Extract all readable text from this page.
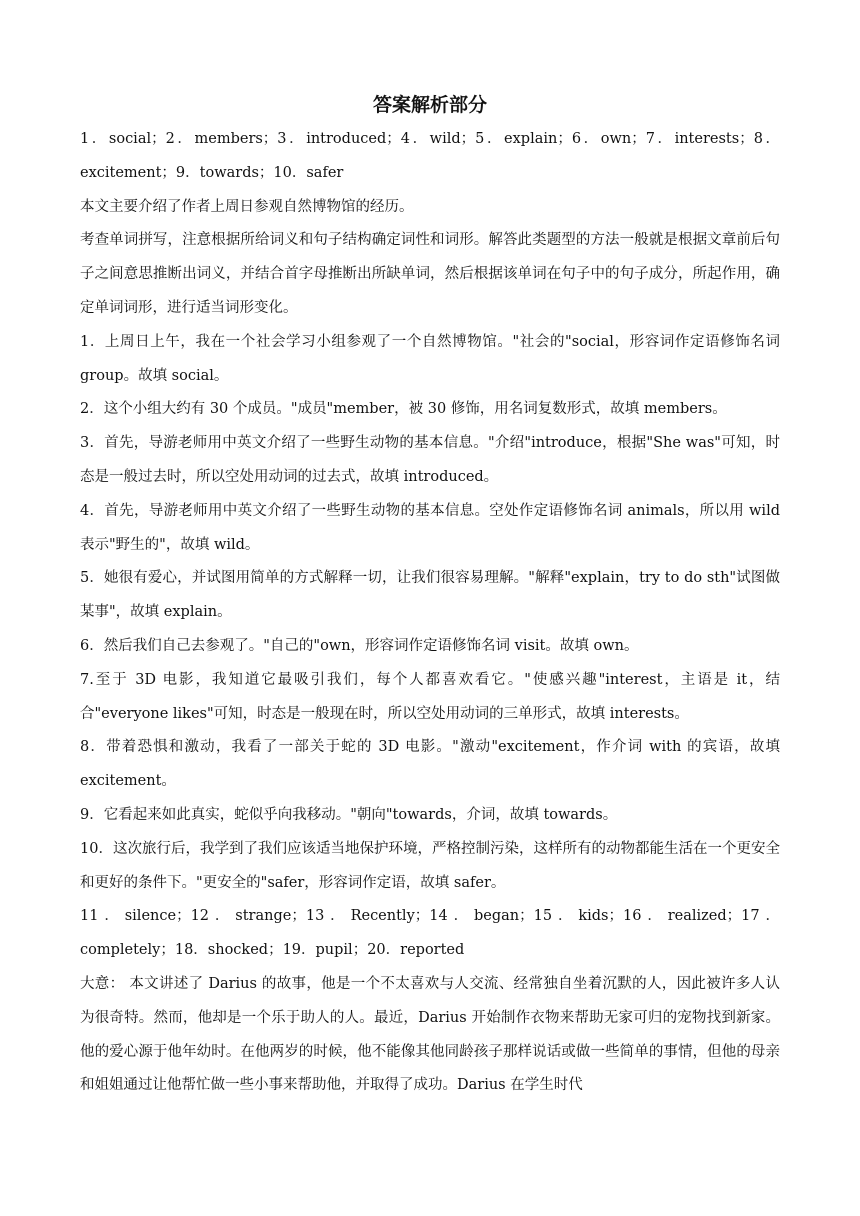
答案解析部分

1．social；2．members；3．introduced；4．wild；5．explain；6．own；7．interests；8．excitement；9．towards；10．safer

本文主要介绍了作者上周日参观自然博物馆的经历。

考查单词拼写，注意根据所给词义和句子结构确定词性和词形。解答此类题型的方法一般就是根据文章前后句子之间意思推断出词义，并结合首字母推断出所缺单词，然后根据该单词在句子中的句子成分，所起作用，确定单词词形，进行适当词形变化。

1．上周日上午，我在一个社会学习小组参观了一个自然博物馆。"社会的"social，形容词作定语修饰名词 group。故填 social。

2．这个小组大约有 30 个成员。"成员"member，被 30 修饰，用名词复数形式，故填 members。

3．首先，导游老师用中英文介绍了一些野生动物的基本信息。"介绍"introduce，根据"She was"可知，时态是一般过去时，所以空处用动词的过去式，故填 introduced。

4．首先，导游老师用中英文介绍了一些野生动物的基本信息。空处作定语修饰名词 animals，所以用 wild 表示"野生的"，故填 wild。

5．她很有爱心，并试图用简单的方式解释一切，让我们很容易理解。"解释"explain，try to do sth"试图做某事"，故填 explain。

6．然后我们自己去参观了。"自己的"own，形容词作定语修饰名词 visit。故填 own。

7.至于 3D 电影，我知道它最吸引我们，每个人都喜欢看它。"使感兴趣"interest，主语是 it，结合"everyone likes"可知，时态是一般现在时，所以空处用动词的三单形式，故填 interests。

8．带着恐惧和激动，我看了一部关于蛇的 3D 电影。"激动"excitement，作介词 with 的宾语，故填 excitement。

9．它看起来如此真实，蛇似乎向我移动。"朝向"towards，介词，故填 towards。

10．这次旅行后，我学到了我们应该适当地保护环境，严格控制污染，这样所有的动物都能生活在一个更安全和更好的条件下。"更安全的"safer，形容词作定语，故填 safer。

11．silence；12．strange；13．Recently；14．began；15．kids；16．realized；17．completely；18．shocked；19．pupil；20．reported

大意： 本文讲述了 Darius 的故事，他是一个不太喜欢与人交流、经常独自坐着沉默的人，因此被许多人认为很奇特。然而，他却是一个乐于助人的人。最近，Darius 开始制作衣物来帮助无家可归的宠物找到新家。他的爱心源于他年幼时。在他两岁的时候，他不能像其他同龄孩子那样说话或做一些简单的事情，但他的母亲和姐姐通过让他帮忙做一些小事来帮助他，并取得了成功。Darius 在学生时代
